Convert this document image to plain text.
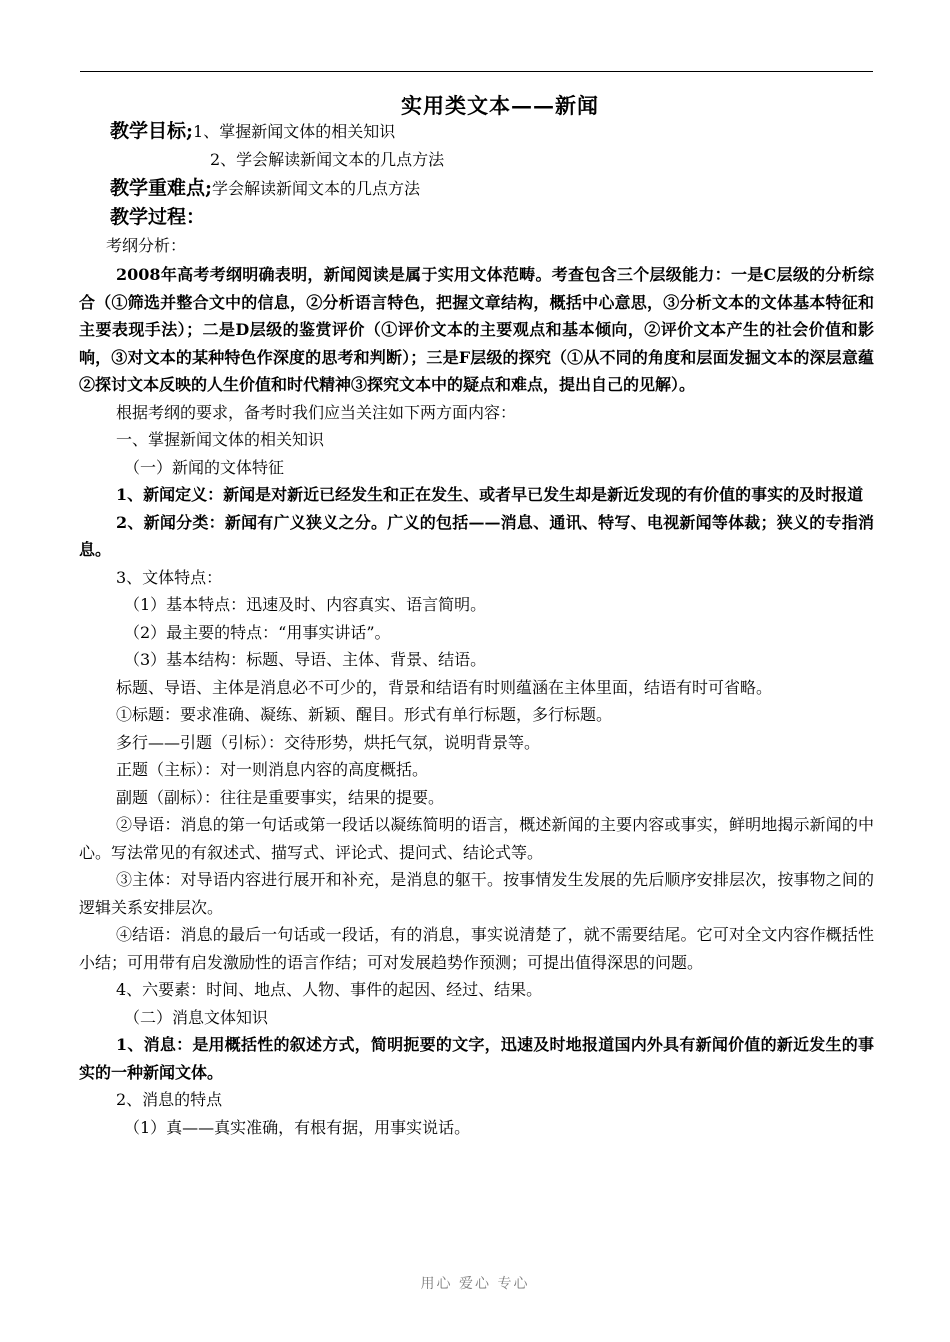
实用类文本——新闻
教学目标;1、掌握新闻文体的相关知识
2、学会解读新闻文本的几点方法
教学重难点;学会解读新闻文本的几点方法
教学过程：
考纲分析：

2008年高考考纲明确表明，新闻阅读是属于实用文体范畴。考查包含三个层级能力：一是C层级的分析综合（①筛选并整合文中的信息，②分析语言特色，把握文章结构，概括中心意思，③分析文本的文体基本特征和主要表现手法）；二是D层级的鉴赏评价（①评价文本的主要观点和基本倾向，②评价文本产生的社会价值和影响，③对文本的某种特色作深度的思考和判断）；三是F层级的探究（①从不同的角度和层面发掘文本的深层意蕴②探讨文本反映的人生价值和时代精神③探究文本中的疑点和难点，提出自己的见解）。

根据考纲的要求，备考时我们应当关注如下两方面内容：

一、掌握新闻文体的相关知识

（一）新闻的文体特征

1、新闻定义：新闻是对新近已经发生和正在发生、或者早已发生却是新近发现的有价值的事实的及时报道

2、新闻分类：新闻有广义狭义之分。广义的包括——消息、通讯、特写、电视新闻等体裁；狭义的专指消息。

3、文体特点：

（1）基本特点：迅速及时、内容真实、语言简明。

（2）最主要的特点：“用事实讲话”。

（3）基本结构：标题、导语、主体、背景、结语。

标题、导语、主体是消息必不可少的，背景和结语有时则蕴涵在主体里面，结语有时可省略。

①标题：要求准确、凝练、新颖、醒目。形式有单行标题，多行标题。

多行——引题（引标）：交待形势，烘托气氛，说明背景等。

正题（主标）：对一则消息内容的高度概括。

副题（副标）：往往是重要事实，结果的提要。

②导语：消息的第一句话或第一段话以凝练简明的语言，概述新闻的主要内容或事实，鲜明地揭示新闻的中心。写法常见的有叙述式、描写式、评论式、提问式、结论式等。

③主体：对导语内容进行展开和补充，是消息的躯干。按事情发生发展的先后顺序安排层次，按事物之间的逻辑关系安排层次。

④结语：消息的最后一句话或一段话，有的消息，事实说清楚了，就不需要结尾。它可对全文内容作概括性小结；可用带有启发激励性的语言作结；可对发展趋势作预测；可提出值得深思的问题。

4、六要素：时间、地点、人物、事件的起因、经过、结果。

（二）消息文体知识

1、消息：是用概括性的叙述方式，简明扼要的文字，迅速及时地报道国内外具有新闻价值的新近发生的事实的一种新闻文体。

2、消息的特点

（1）真——真实准确，有根有据，用事实说话。

用心 爱心 专心
